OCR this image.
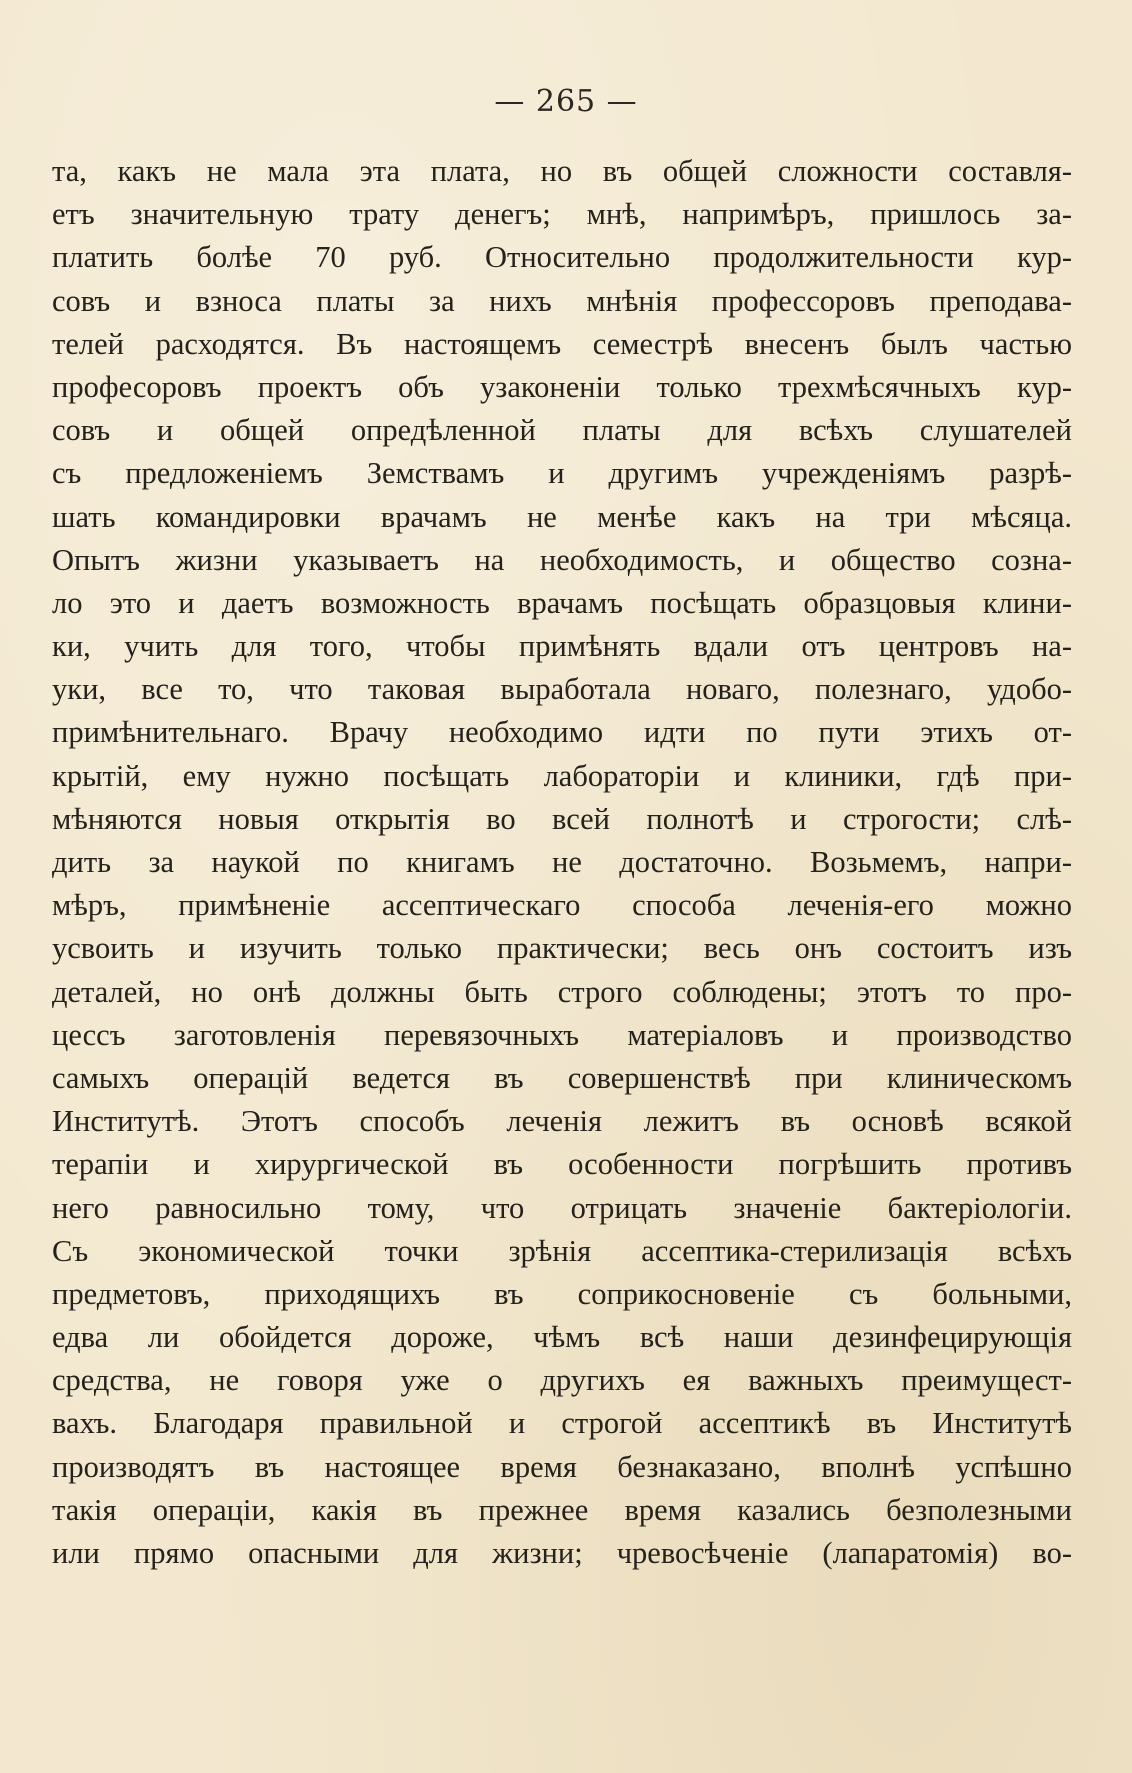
— 265 —
та, какъ не мала эта плата, но въ общей сложности составля-
етъ значительную трату денегъ; мнѣ, напримѣръ, пришлось за-
платить болѣе 70 руб. Относительно продолжительности кур-
совъ и взноса платы за нихъ мнѣнія профессоровъ преподава-
телей расходятся. Въ настоящемъ семестрѣ внесенъ былъ частью
професоровъ проектъ объ узаконеніи только трехмѣсячныхъ кур-
совъ и общей опредѣленной платы для всѣхъ слушателей
съ предложеніемъ Земствамъ и другимъ учрежденіямъ разрѣ-
шать командировки врачамъ не менѣе какъ на три мѣсяца.
Опытъ жизни указываетъ на необходимость, и общество созна-
ло это и даетъ возможность врачамъ посѣщать образцовыя клини-
ки, учить для того, чтобы примѣнять вдали отъ центровъ на-
уки, все то, что таковая выработала новаго, полезнаго, удобо-
примѣнительнаго. Врачу необходимо идти по пути этихъ от-
крытій, ему нужно посѣщать лабораторіи и клиники, гдѣ при-
мѣняются новыя открытія во всей полнотѣ и строгости; слѣ-
дить за наукой по книгамъ не достаточно. Возьмемъ, напри-
мѣръ, примѣненіе ассептическаго способа леченія-его можно
усвоить и изучить только практически; весь онъ состоитъ изъ
деталей, но онѣ должны быть строго соблюдены; этотъ то про-
цессъ заготовленія перевязочныхъ матеріаловъ и производство
самыхъ операцій ведется въ совершенствѣ при клиническомъ
Институтѣ. Этотъ способъ леченія лежитъ въ основѣ всякой
терапіи и хирургической въ особенности погрѣшить противъ
него равносильно тому, что отрицать значеніе бактеріологіи.
Съ экономической точки зрѣнія ассептика-стерилизація всѣхъ
предметовъ, приходящихъ въ соприкосновеніе съ больными,
едва ли обойдется дороже, чѣмъ всѣ наши дезинфецирующія
средства, не говоря уже о другихъ ея важныхъ преимущест-
вахъ. Благодаря правильной и строгой ассептикѣ въ Институтѣ
производятъ въ настоящее время безнаказано, вполнѣ успѣшно
такія операціи, какія въ прежнее время казались безполезными
или прямо опасными для жизни; чревосѣченіе (лапаратомія) во-
